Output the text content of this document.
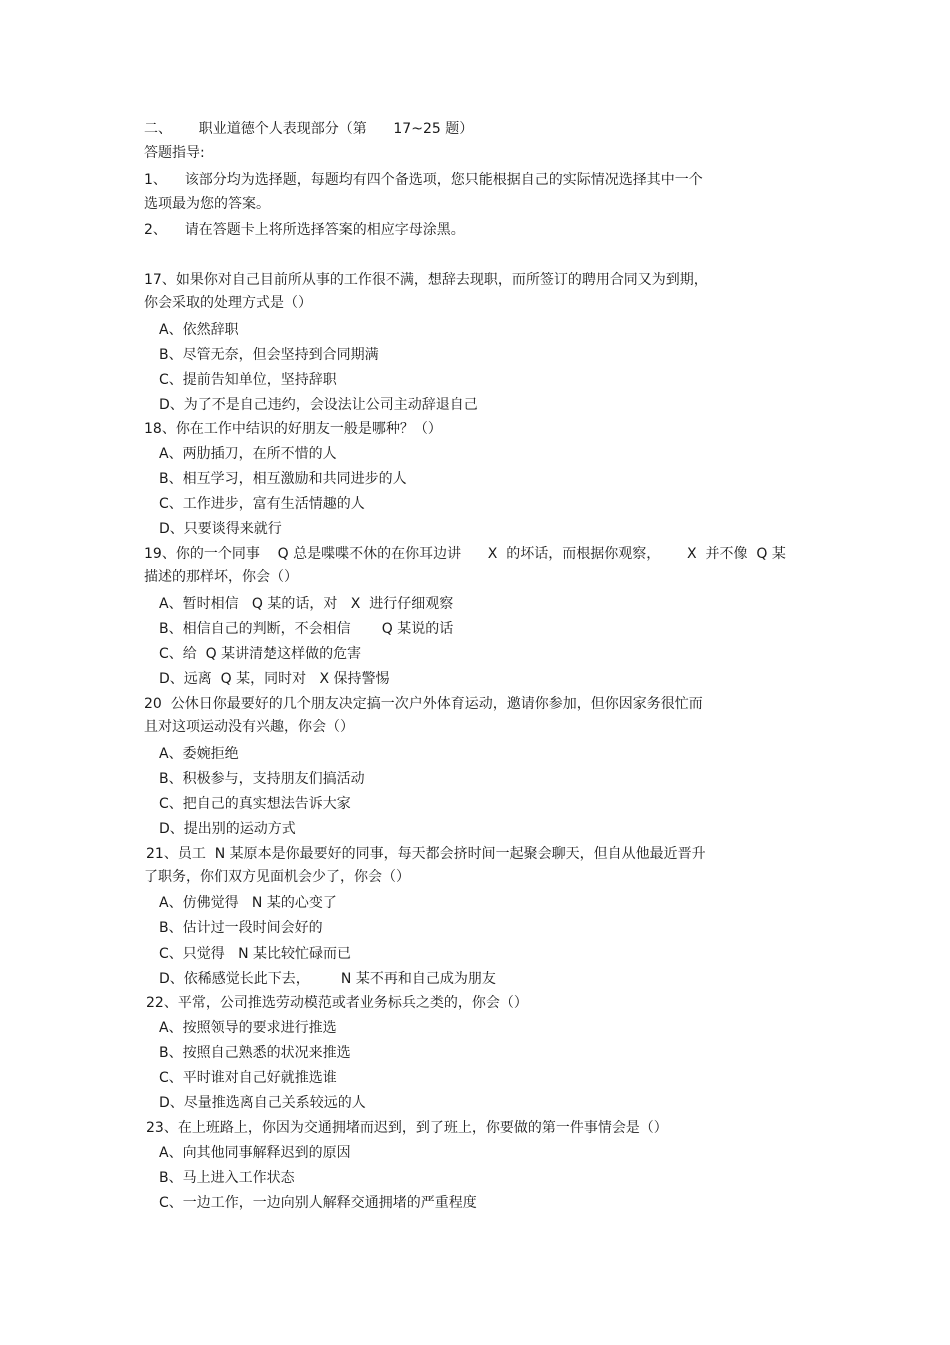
二、      职业道德个人表现部分（第      17~25 题）
答题指导:
1、    该部分均为选择题，每题均有四个备选项，您只能根据自己的实际情况选择其中一个
选项最为您的答案。
2、    请在答题卡上将所选择答案的相应字母涂黑。
17、如果你对自己目前所从事的工作很不满，想辞去现职，而所签订的聘用合同又为到期，
你会采取的处理方式是（）
A、依然辞职
B、尽管无奈，但会坚持到合同期满
C、提前告知单位，坚持辞职
D、为了不是自己违约，会设法让公司主动辞退自己
18、你在工作中结识的好朋友一般是哪种？（）
A、两肋插刀，在所不惜的人
B、相互学习，相互激励和共同进步的人
C、工作进步，富有生活情趣的人
D、只要谈得来就行
19、你的一个同事    Q 总是喋喋不休的在你耳边讲      X  的坏话，而根据你观察，      X  并不像  Q 某
描述的那样坏，你会（）
A、暂时相信   Q 某的话，对   X  进行仔细观察
B、相信自己的判断，不会相信       Q 某说的话
C、给  Q 某讲清楚这样做的危害
D、远离  Q 某，同时对   X 保持警惕
20  公休日你最要好的几个朋友决定搞一次户外体育运动，邀请你参加，但你因家务很忙而
且对这项运动没有兴趣，你会（）
A、委婉拒绝
B、积极参与，支持朋友们搞活动
C、把自己的真实想法告诉大家
D、提出别的运动方式
21、员工  N 某原本是你最要好的同事，每天都会挤时间一起聚会聊天，但自从他最近晋升
了职务，你们双方见面机会少了，你会（）
A、仿佛觉得   N 某的心变了
B、估计过一段时间会好的
C、只觉得   N 某比较忙碌而已
D、依稀感觉长此下去，       N 某不再和自己成为朋友
22、平常，公司推选劳动模范或者业务标兵之类的，你会（）
A、按照领导的要求进行推选
B、按照自己熟悉的状况来推选
C、平时谁对自己好就推选谁
D、尽量推选离自己关系较远的人
23、在上班路上，你因为交通拥堵而迟到，到了班上，你要做的第一件事情会是（）
A、向其他同事解释迟到的原因
B、马上进入工作状态
C、一边工作，一边向别人解释交通拥堵的严重程度
